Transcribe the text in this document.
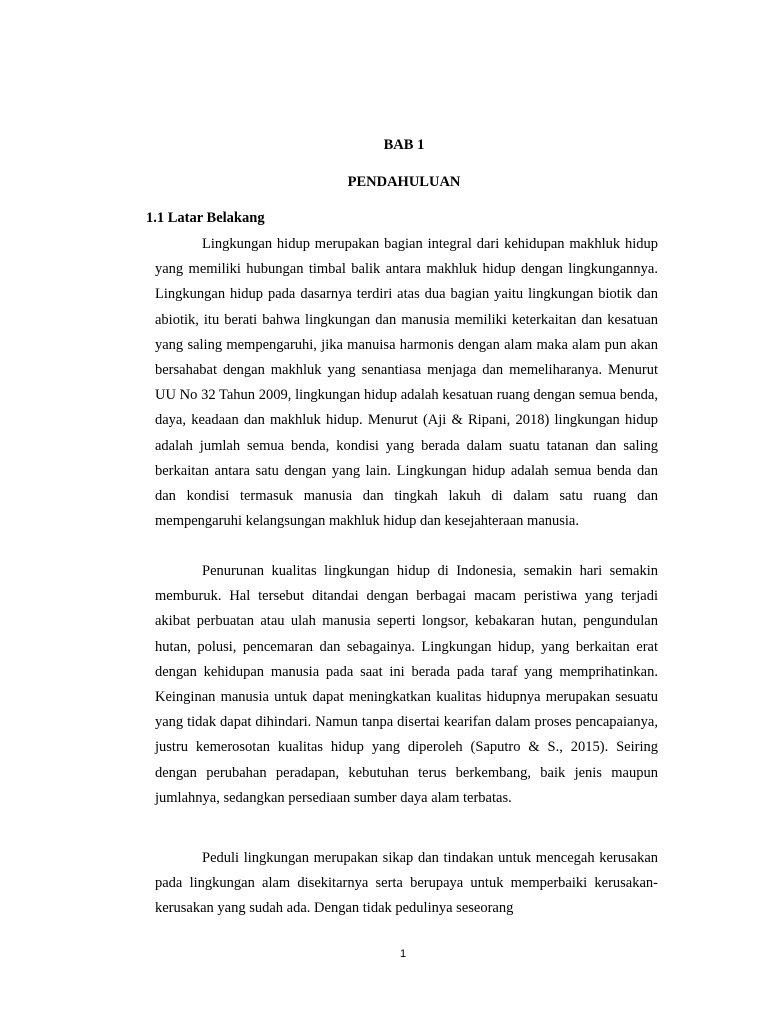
BAB 1

PENDAHULUAN

1.1 Latar Belakang

Lingkungan hidup merupakan bagian integral dari kehidupan makhluk hidup yang memiliki hubungan timbal balik antara makhluk hidup dengan lingkungannya. Lingkungan hidup pada dasarnya terdiri atas dua bagian yaitu lingkungan biotik dan abiotik, itu berati bahwa lingkungan dan manusia memiliki keterkaitan dan kesatuan yang saling mempengaruhi, jika manuisa harmonis dengan alam maka alam pun akan bersahabat dengan makhluk yang senantiasa menjaga dan memeliharanya. Menurut UU No 32 Tahun 2009, lingkungan hidup adalah kesatuan ruang dengan semua benda, daya, keadaan dan makhluk hidup. Menurut (Aji & Ripani, 2018) lingkungan hidup adalah jumlah semua benda, kondisi yang berada dalam suatu tatanan dan saling berkaitan antara satu dengan yang lain. Lingkungan hidup adalah semua benda dan dan kondisi termasuk manusia dan tingkah lakuh di dalam satu ruang dan mempengaruhi kelangsungan makhluk hidup dan kesejahteraan manusia.

Penurunan kualitas lingkungan hidup di Indonesia, semakin hari semakin memburuk. Hal tersebut ditandai dengan berbagai macam peristiwa yang terjadi akibat perbuatan atau ulah manusia seperti longsor, kebakaran hutan, pengundulan hutan, polusi, pencemaran dan sebagainya. Lingkungan hidup, yang berkaitan erat dengan kehidupan manusia pada saat ini berada pada taraf yang memprihatinkan. Keinginan manusia untuk dapat meningkatkan kualitas hidupnya merupakan sesuatu yang tidak dapat dihindari. Namun tanpa disertai kearifan dalam proses pencapaianya, justru kemerosotan kualitas hidup yang diperoleh (Saputro & S., 2015). Seiring dengan perubahan peradapan, kebutuhan terus berkembang, baik jenis maupun jumlahnya, sedangkan persediaan sumber daya alam terbatas.

Peduli lingkungan merupakan sikap dan tindakan untuk mencegah kerusakan pada lingkungan alam disekitarnya serta berupaya untuk memperbaiki kerusakan-kerusakan yang sudah ada. Dengan tidak pedulinya seseorang

1
